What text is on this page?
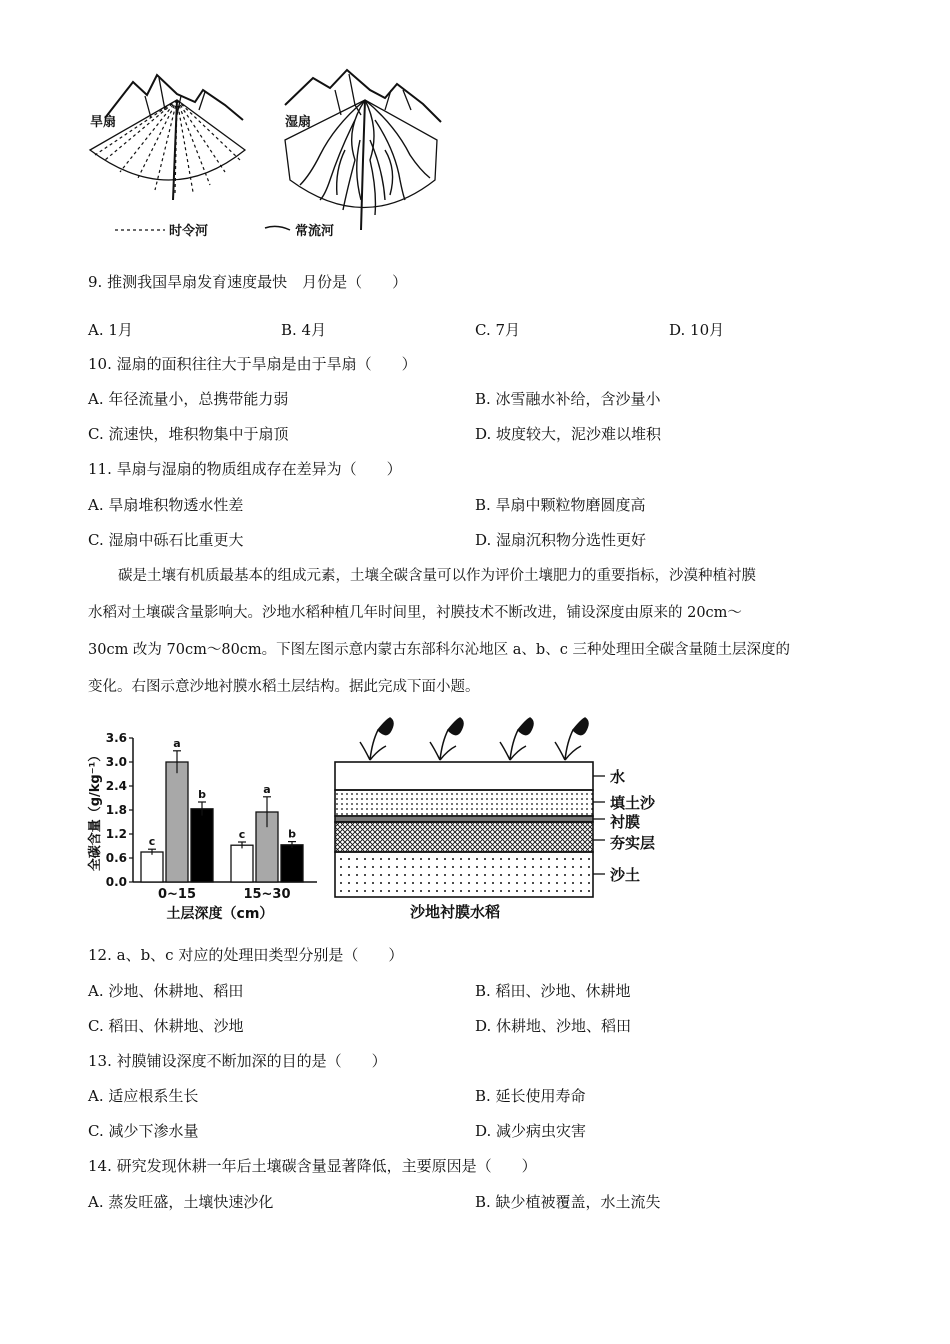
旱扇	湿扇
时令河	常流河
9. 推测我国旱扇发育速度最快　月份是（　　）
A. 1月	B. 4月	C. 7月	D. 10月
10. 湿扇的面积往往大于旱扇是由于旱扇（　　）
A. 年径流量小，总携带能力弱	B. 冰雪融水补给，含沙量小
C. 流速快，堆积物集中于扇顶	D. 坡度较大，泥沙难以堆积
11. 旱扇与湿扇的物质组成存在差异为（　　）
A. 旱扇堆积物透水性差	B. 旱扇中颗粒物磨圆度高
C. 湿扇中砾石比重更大	D. 湿扇沉积物分选性更好
碳是土壤有机质最基本的组成元素，土壤全碳含量可以作为评价土壤肥力的重要指标，沙漠种植衬膜
水稻对土壤碳含量影响大。沙地水稻种植几年时间里，衬膜技术不断改进，铺设深度由原来的 20cm～
30cm 改为 70cm～80cm。下图左图示意内蒙古东部科尔沁地区 a、b、c 三种处理田全碳含量随土层深度的
变化。右图示意沙地衬膜水稻土层结构。据此完成下面小题。
0.0
0.6
1.2
1.8
2.4
3.0
3.6
全碳含量（g/kg⁻¹）	c
a
b
0~15
c
a
b
15~30
土层深度（cm）
水
填土沙
衬膜
夯实层
沙土
沙地衬膜水稻
12. a、b、c 对应的处理田类型分别是（　　）
A. 沙地、休耕地、稻田	B. 稻田、沙地、休耕地
C. 稻田、休耕地、沙地	D. 休耕地、沙地、稻田
13. 衬膜铺设深度不断加深的目的是（　　）
A. 适应根系生长	B. 延长使用寿命
C. 减少下渗水量	D. 减少病虫灾害
14. 研究发现休耕一年后土壤碳含量显著降低，主要原因是（　　）
A. 蒸发旺盛，土壤快速沙化	B. 缺少植被覆盖，水土流失
